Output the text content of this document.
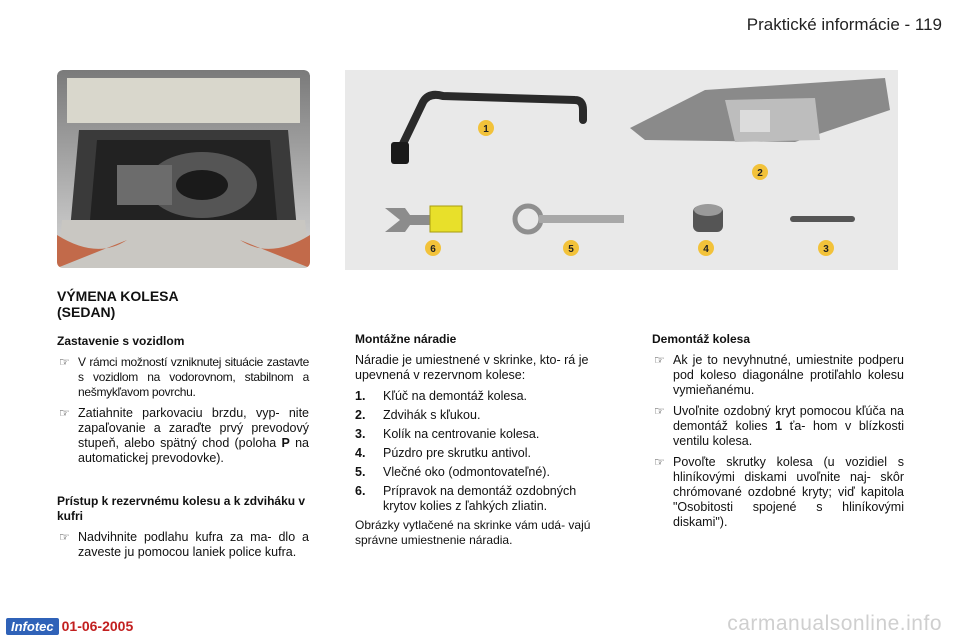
Praktické informácie - 119
1
2
3
4
5
6
VÝMENA KOLESA
(SEDAN)
Zastavenie s vozidlom
☞ V rámci možností vzniknutej situácie zastavte s vozidlom na vodorovnom, stabilnom a nešmykľavom povrchu.
☞ Zatiahnite parkovaciu brzdu, vyp- nite zapaľovanie a zaraďte prvý prevodový stupeň, alebo spätný chod (poloha P na automatickej prevodovke).
Prístup k rezervnému kolesu a k zdviháku v kufri
☞ Nadvihnite podlahu kufra za ma- dlo a zaveste ju pomocou laniek police kufra.
Montážne náradie

Náradie je umiestnené v skrinke, kto- rá je upevnená v rezervnom kolese:

1. Kľúč na demontáž kolesa.
2. Zdvihák s kľukou.
3. Kolík na centrovanie kolesa.
4. Púzdro pre skrutku antivol.
5. Vlečné oko (odmontovateľné).
6. Prípravok na demontáž ozdobných krytov kolies z ľahkých zliatin.

Obrázky vytlačené na skrinke vám udá- vajú správne umiestnenie náradia.

Demontáž kolesa
☞ Ak je to nevyhnutné, umiestnite podperu pod koleso diagonálne protiľahlo kolesu vymieňanému.
☞ Uvoľnite ozdobný kryt pomocou kľúča na demontáž kolies 1 ťa- hom v blízkosti ventilu kolesa.
☞ Povoľte skrutky kolesa (u vozidiel s hliníkovými diskami uvoľnite naj- skôr chrómované ozdobné kryty; viď kapitola "Osobitosti spojené s hliníkovými diskami").
Infotec 01-06-2005	carmanualsonline.info
